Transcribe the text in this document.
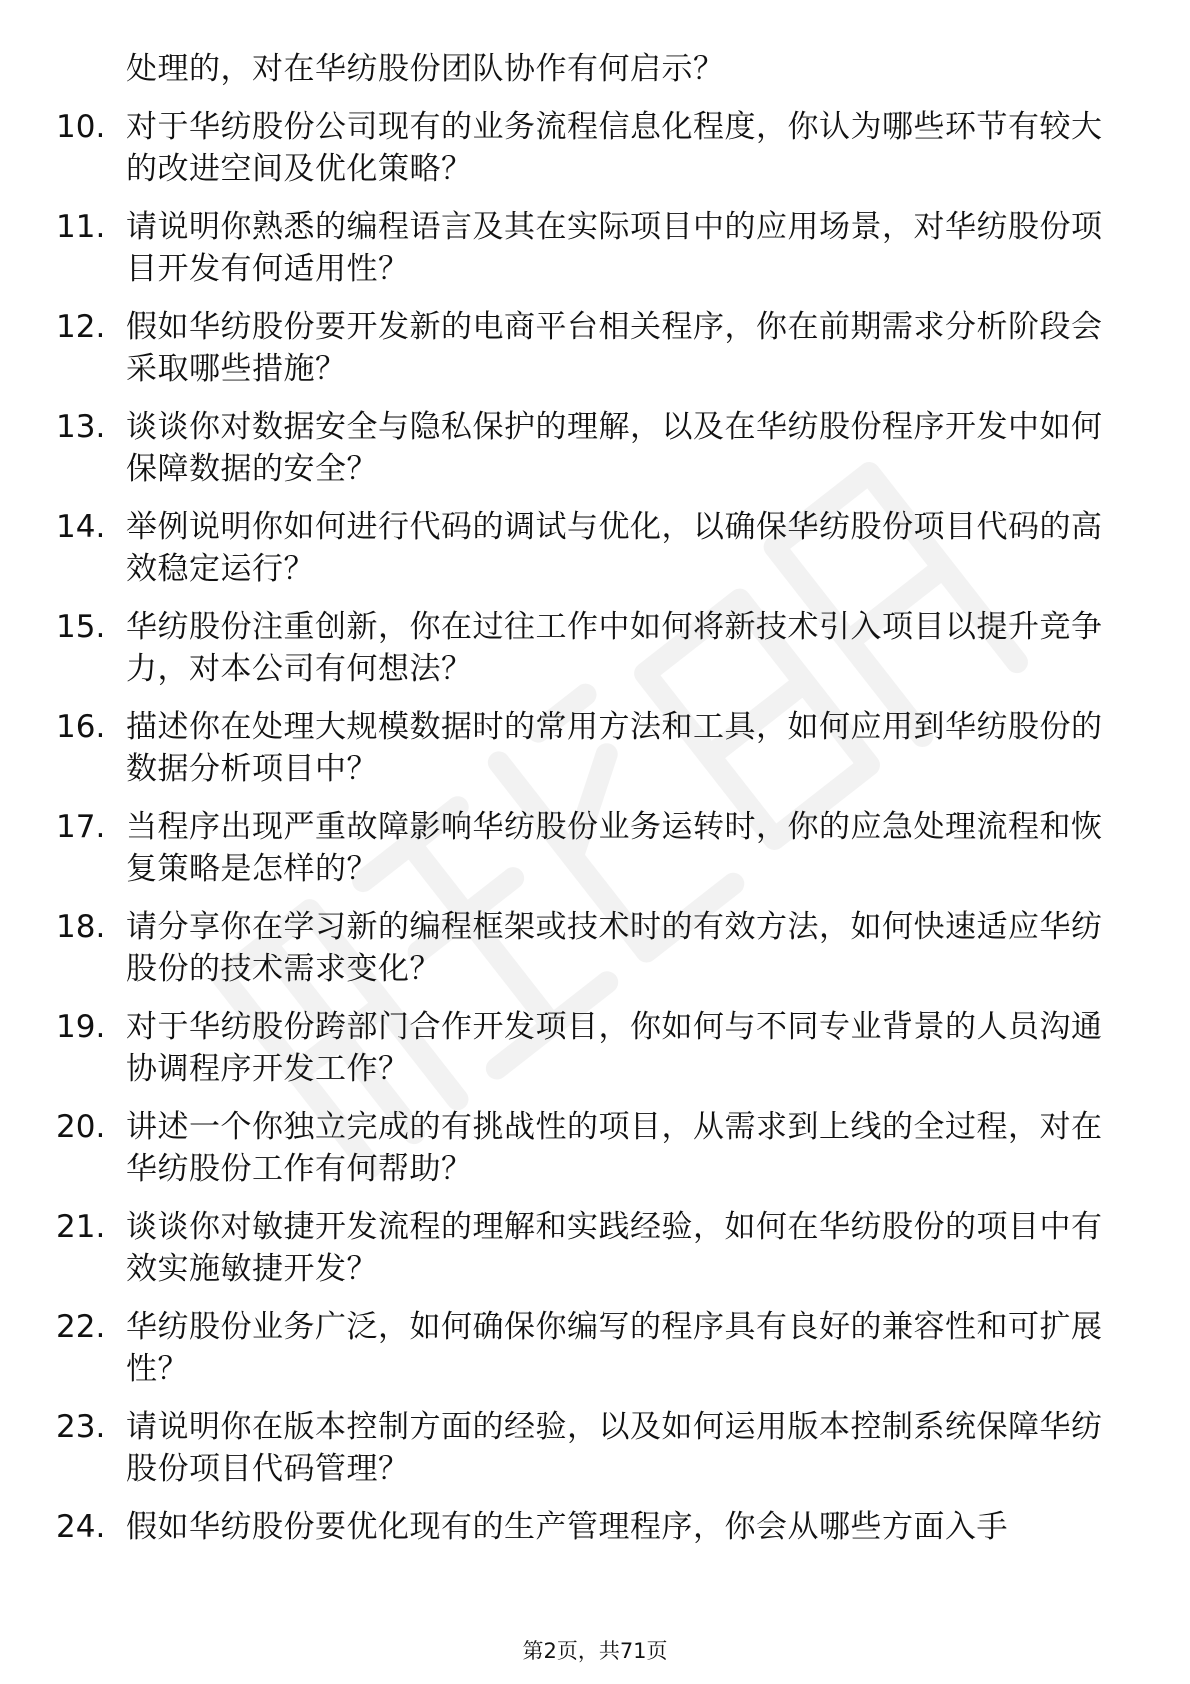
处理的，对在华纺股份团队协作有何启示？

10. 对于华纺股份公司现有的业务流程信息化程度，你认为哪些环节有较大的改进空间及优化策略？
11. 请说明你熟悉的编程语言及其在实际项目中的应用场景，对华纺股份项目开发有何适用性？
12. 假如华纺股份要开发新的电商平台相关程序，你在前期需求分析阶段会采取哪些措施？
13. 谈谈你对数据安全与隐私保护的理解，以及在华纺股份程序开发中如何保障数据的安全？
14. 举例说明你如何进行代码的调试与优化，以确保华纺股份项目代码的高效稳定运行？
15. 华纺股份注重创新，你在过往工作中如何将新技术引入项目以提升竞争力，对本公司有何想法？
16. 描述你在处理大规模数据时的常用方法和工具，如何应用到华纺股份的数据分析项目中？
17. 当程序出现严重故障影响华纺股份业务运转时，你的应急处理流程和恢复策略是怎样的？
18. 请分享你在学习新的编程框架或技术时的有效方法，如何快速适应华纺股份的技术需求变化？
19. 对于华纺股份跨部门合作开发项目，你如何与不同专业背景的人员沟通协调程序开发工作？
20. 讲述一个你独立完成的有挑战性的项目，从需求到上线的全过程，对在华纺股份工作有何帮助？
21. 谈谈你对敏捷开发流程的理解和实践经验，如何在华纺股份的项目中有效实施敏捷开发？
22. 华纺股份业务广泛，如何确保你编写的程序具有良好的兼容性和可扩展性？
23. 请说明你在版本控制方面的经验，以及如何运用版本控制系统保障华纺股份项目代码管理？
24. 假如华纺股份要优化现有的生产管理程序，你会从哪些方面入手
第2页，共71页
